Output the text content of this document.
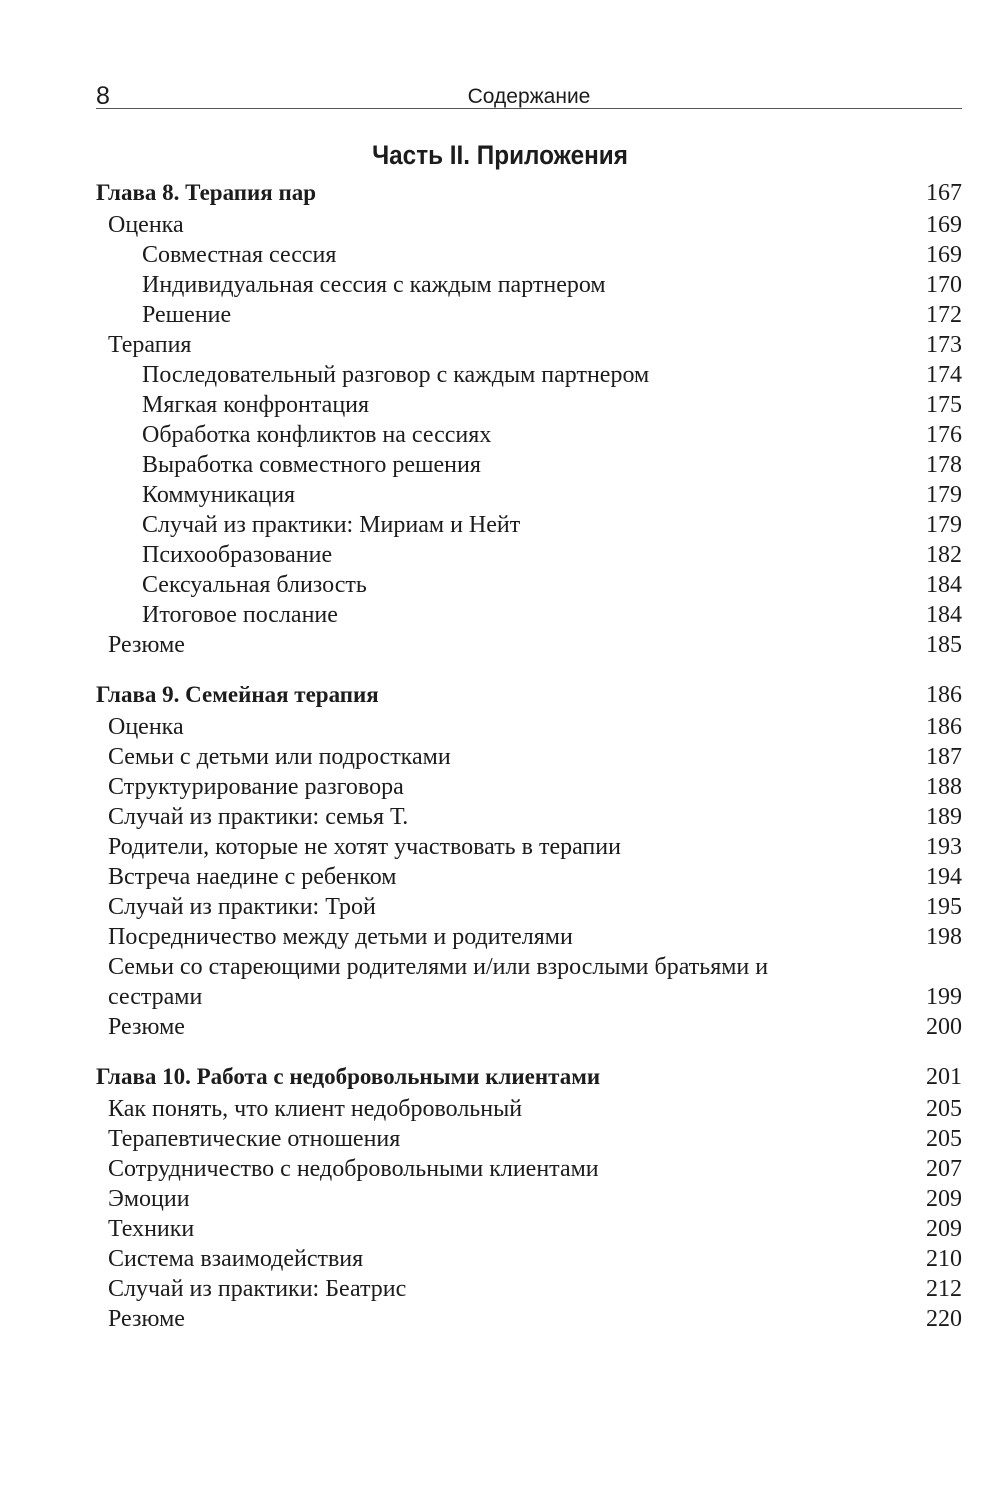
8	Содержание
Часть II. Приложения
Глава 8. Терапия пар	167
Оценка	169
Совместная сессия	169
Индивидуальная сессия с каждым партнером	170
Решение	172
Терапия	173
Последовательный разговор с каждым партнером	174
Мягкая конфронтация	175
Обработка конфликтов на сессиях	176
Выработка совместного решения	178
Коммуникация	179
Случай из практики: Мириам и Нейт	179
Психообразование	182
Сексуальная близость	184
Итоговое послание	184
Резюме	185
Глава 9. Семейная терапия	186
Оценка	186
Семьи с детьми или подростками	187
Структурирование разговора	188
Случай из практики: семья Т.	189
Родители, которые не хотят участвовать в терапии	193
Встреча наедине с ребенком	194
Случай из практики: Трой	195
Посредничество между детьми и родителями	198
Семьи со стареющими родителями и/или взрослыми братьями и сестрами	199
Резюме	200
Глава 10. Работа с недобровольными клиентами	201
Как понять, что клиент недобровольный	205
Терапевтические отношения	205
Сотрудничество с недобровольными клиентами	207
Эмоции	209
Техники	209
Система взаимодействия	210
Случай из практики: Беатрис	212
Резюме	220
